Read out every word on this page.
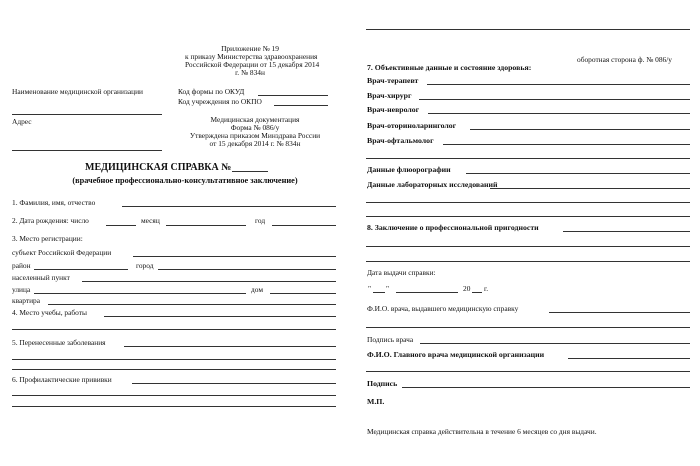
Приложение № 19
к приказу Министерства здравоохранения
Российской Федерации от 15 декабря 2014
г. № 834н
Наименование медицинской организации	Код формы по ОКУД
Код учреждения по ОКПО
Адрес	Медицинская документация
Форма № 086/у
Утверждена приказом Минздрава России
от 15 декабря 2014 г. № 834н
МЕДИЦИНСКАЯ СПРАВКА №
(врачебное профессионально-консультативное заключение)
1. Фамилия, имя, отчество
2. Дата рождения: число	месяц	год
3. Место регистрации:
субъект Российской Федерации
район	город
населенный пункт
улица	дом
квартира
4. Место учебы, работы
5. Перенесенные заболевания
6. Профилактические прививки
оборотная сторона ф. № 086/у
7. Объективные данные и состояние здоровья:
Врач-терапевт
Врач-хирург
Врач-невролог
Врач-оториноларинголог
Врач-офтальмолог
Данные флюорографии
Данные лабораторных исследований
8. Заключение о профессиональной пригодности
Дата выдачи справки:
" "	20 г.
Ф.И.О. врача, выдавшего медицинскую справку
Подпись врача
Ф.И.О. Главного врача медицинской организации
Подпись
М.П.
Медицинская справка действительна в течение 6 месяцев со дня выдачи.
